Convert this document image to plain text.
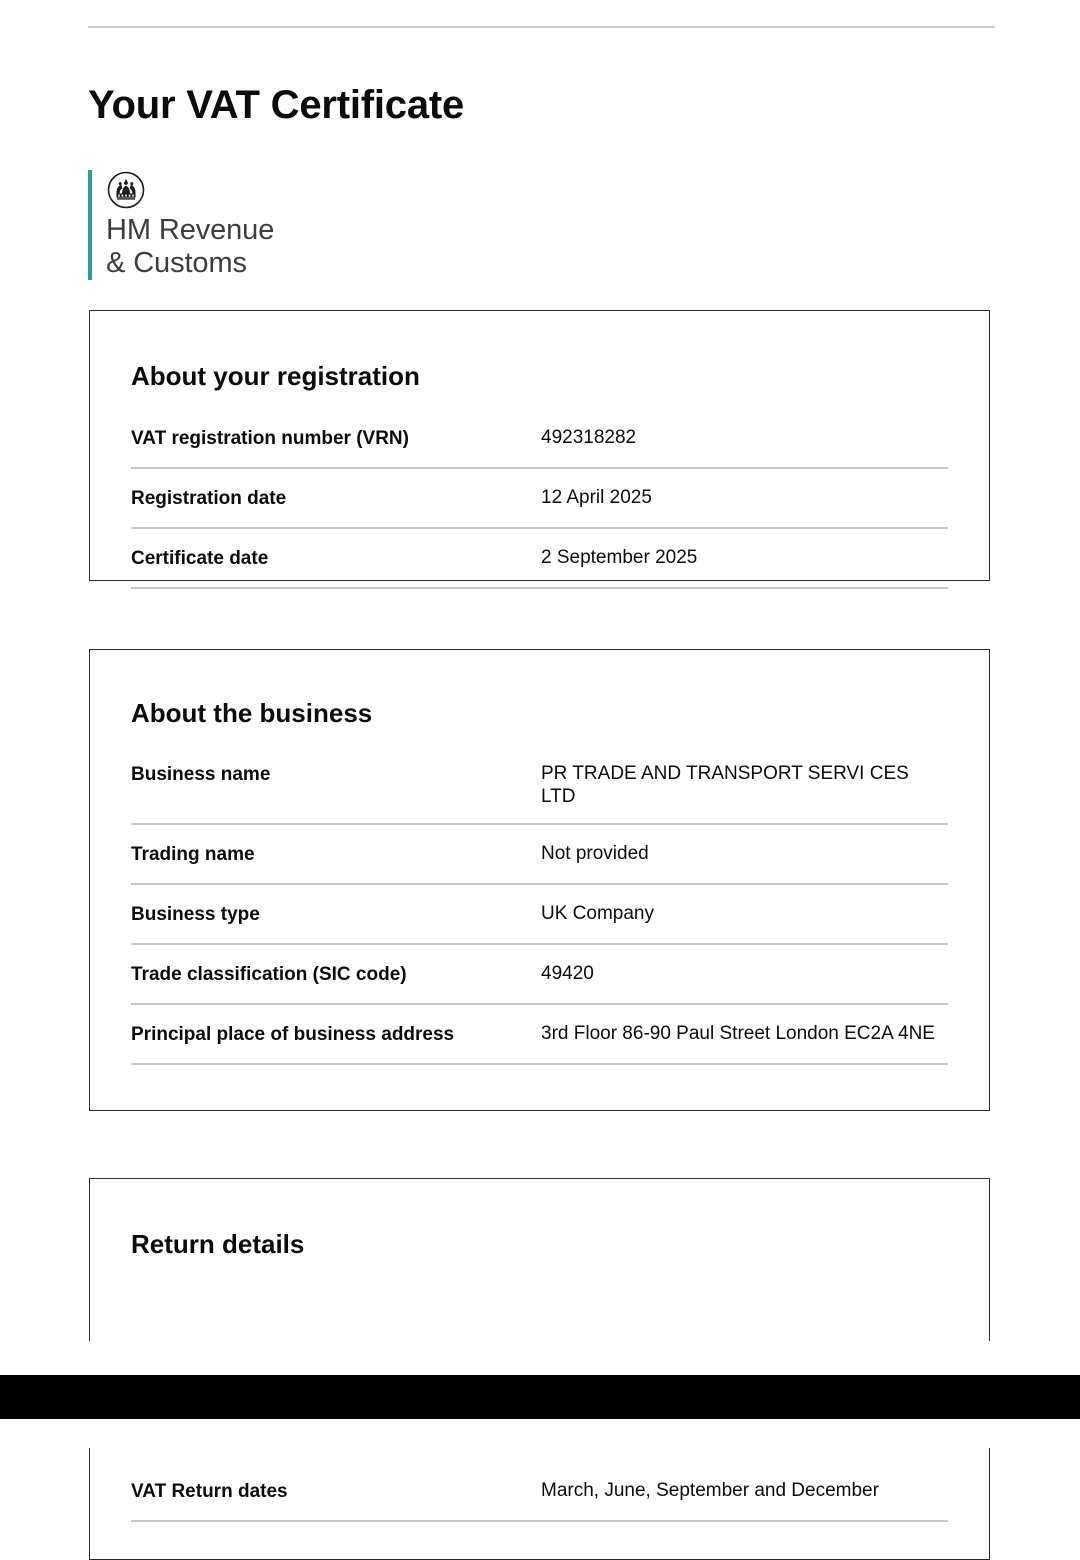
Your VAT Certificate
HM Revenue
& Customs
About your registration
VAT registration number (VRN)	492318282
Registration date	12 April 2025
Certificate date	2 September 2025
About the business
Business name	PR TRADE AND TRANSPORT SERVI CES LTD
Trading name	Not provided
Business type	UK Company
Trade classification (SIC code)	49420
Principal place of business address	3rd Floor 86-90 Paul Street London EC2A 4NE
Return details
VAT Return dates	March, June, September and December
